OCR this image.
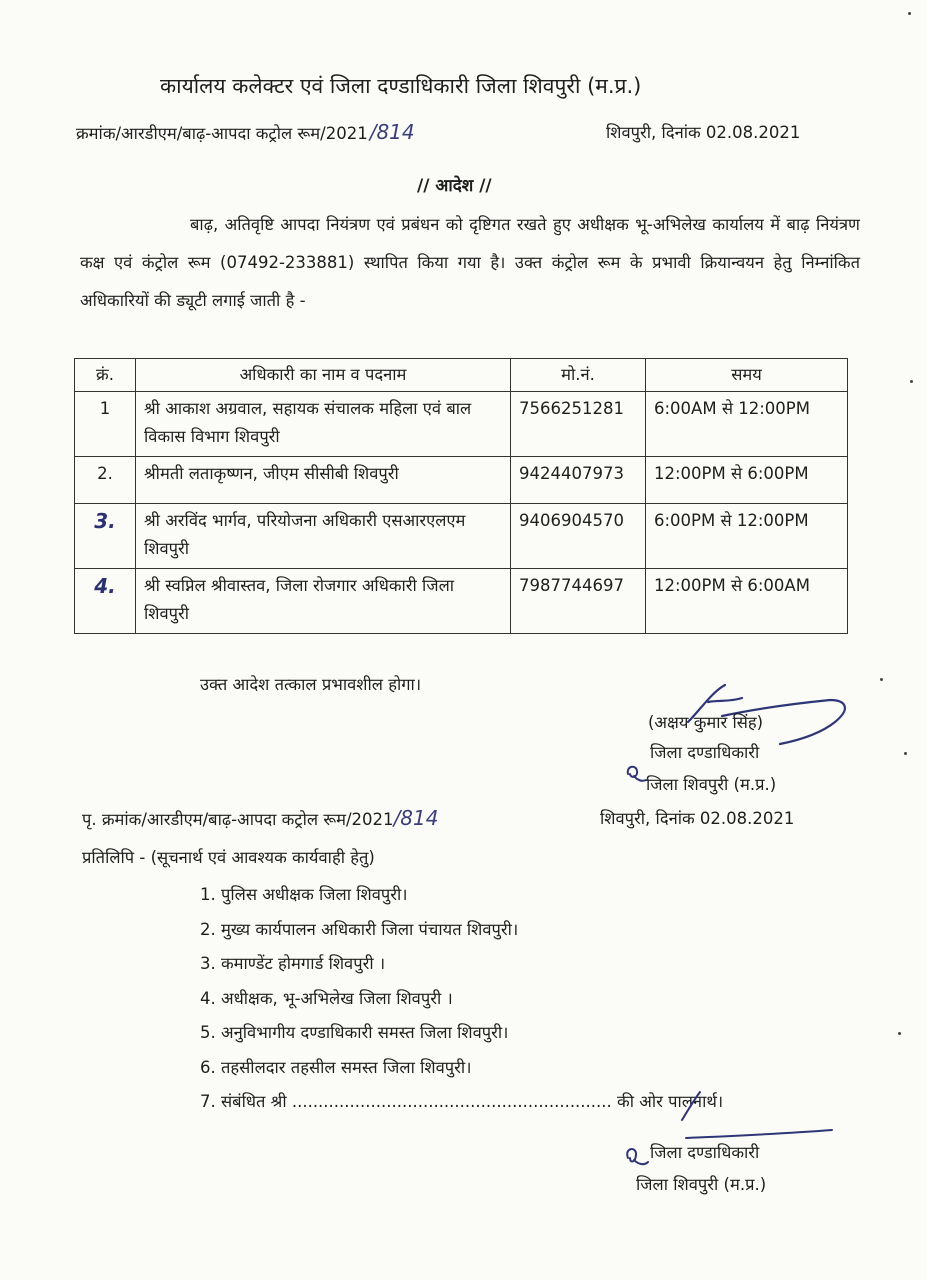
कार्यालय कलेक्टर एवं जिला दण्डाधिकारी जिला शिवपुरी (म.प्र.)
क्रमांक/आरडीएम/बाढ़-आपदा कट्रोल रूम/2021 /814	शिवपुरी, दिनांक 02.08.2021
// आदेश //
बाढ़, अतिवृष्टि आपदा नियंत्रण एवं प्रबंधन को दृष्टिगत रखते हुए अधीक्षक भू-अभिलेख कार्यालय में बाढ़ नियंत्रण कक्ष एवं कंट्रोल रूम (07492-233881) स्थापित किया गया है। उक्त कंट्रोल रूम के प्रभावी क्रियान्वयन हेतु निम्नांकित अधिकारियों की ड्यूटी लगाई जाती है -
क्रं.	अधिकारी का नाम व पदनाम	मो.नं.	समय
1	श्री आकाश अग्रवाल, सहायक संचालक महिला एवं बाल विकास विभाग शिवपुरी	7566251281	6:00AM से 12:00PM
2.	श्रीमती लताकृष्णन, जीएम सीसीबी शिवपुरी	9424407973	12:00PM से 6:00PM
3.	श्री अरविंद भार्गव, परियोजना अधिकारी एसआरएलएम शिवपुरी	9406904570	6:00PM से 12:00PM
4.	श्री स्वप्निल श्रीवास्तव, जिला रोजगार अधिकारी जिला शिवपुरी	7987744697	12:00PM से 6:00AM
उक्त आदेश तत्काल प्रभावशील होगा।
(अक्षय कुमार सिंह)
जिला दण्डाधिकारी
जिला शिवपुरी (म.प्र.)
पृ. क्रमांक/आरडीएम/बाढ़-आपदा कट्रोल रूम/2021/814	शिवपुरी, दिनांक 02.08.2021
प्रतिलिपि - (सूचनार्थ एवं आवश्यक कार्यवाही हेतु)
1. पुलिस अधीक्षक जिला शिवपुरी।
2. मुख्य कार्यपालन अधिकारी जिला पंचायत शिवपुरी।
3. कमाण्डेंट होमगार्ड शिवपुरी ।
4. अधीक्षक, भू-अभिलेख जिला शिवपुरी ।
5. अनुविभागीय दण्डाधिकारी समस्त जिला शिवपुरी।
6. तहसीलदार तहसील समस्त जिला शिवपुरी।
7. संबंधित श्री ............................................................. की ओर पालनार्थ।
जिला दण्डाधिकारी
जिला शिवपुरी (म.प्र.)
